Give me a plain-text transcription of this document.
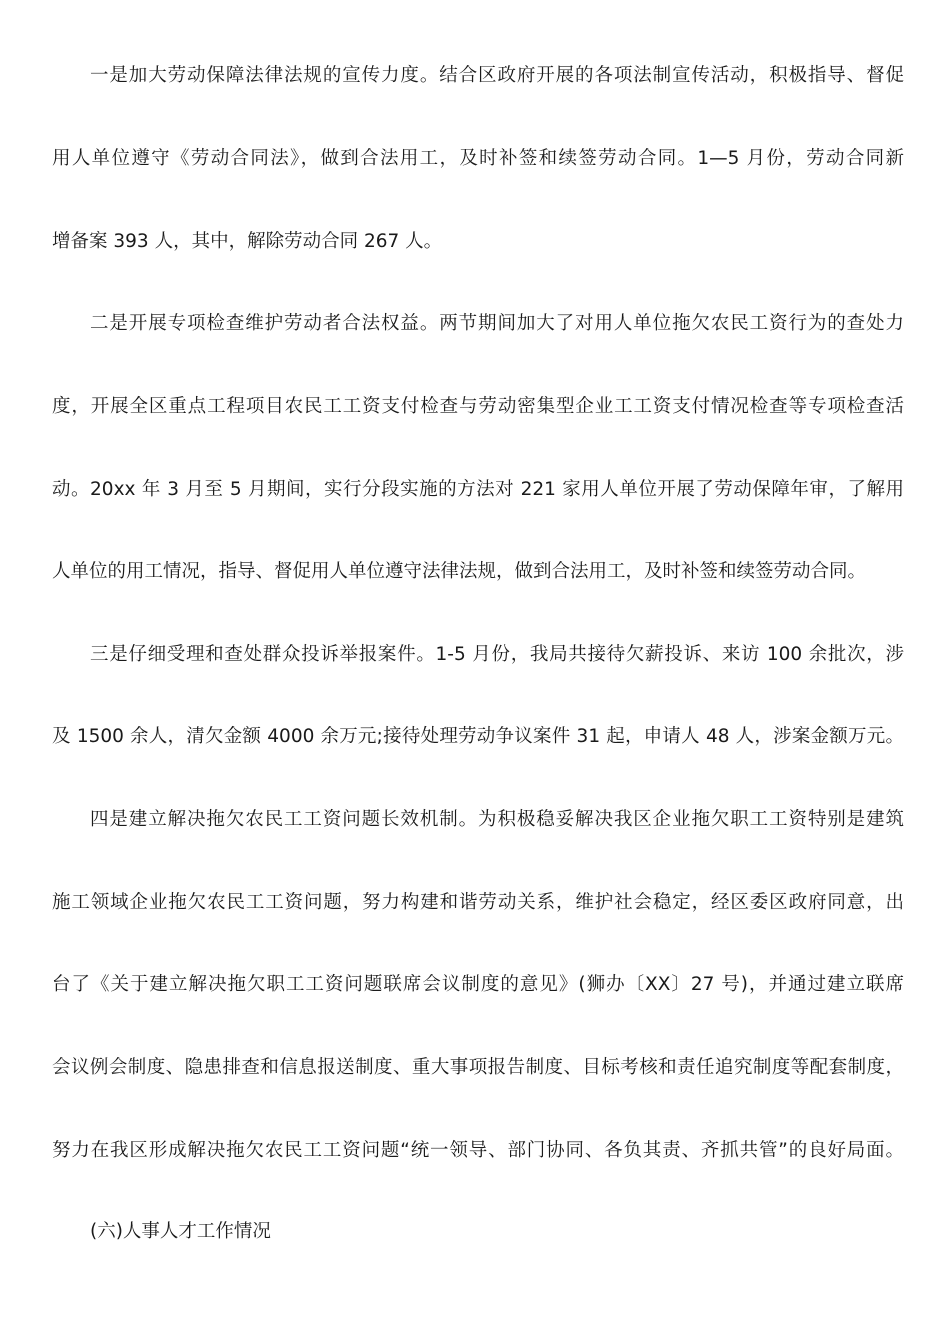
一是加大劳动保障法律法规的宣传力度。结合区政府开展的各项法制宣传活动，积极指导、督促
用人单位遵守《劳动合同法》，做到合法用工，及时补签和续签劳动合同。1—5 月份，劳动合同新
增备案 393 人，其中，解除劳动合同 267 人。
二是开展专项检查维护劳动者合法权益。两节期间加大了对用人单位拖欠农民工资行为的查处力
度，开展全区重点工程项目农民工工资支付检查与劳动密集型企业工工资支付情况检查等专项检查活
动。20xx 年 3 月至 5 月期间，实行分段实施的方法对 221 家用人单位开展了劳动保障年审，了解用
人单位的用工情况，指导、督促用人单位遵守法律法规，做到合法用工，及时补签和续签劳动合同。
三是仔细受理和查处群众投诉举报案件。1-5 月份，我局共接待欠薪投诉、来访 100 余批次，涉
及 1500 余人，清欠金额 4000 余万元;接待处理劳动争议案件 31 起，申请人 48 人，涉案金额万元。
四是建立解决拖欠农民工工资问题长效机制。为积极稳妥解决我区企业拖欠职工工资特别是建筑
施工领域企业拖欠农民工工资问题，努力构建和谐劳动关系，维护社会稳定，经区委区政府同意，出
台了《关于建立解决拖欠职工工资问题联席会议制度的意见》(狮办〔XX〕27 号)，并通过建立联席
会议例会制度、隐患排查和信息报送制度、重大事项报告制度、目标考核和责任追究制度等配套制度，
努力在我区形成解决拖欠农民工工资问题“统一领导、部门协同、各负其责、齐抓共管”的良好局面。
(六)人事人才工作情况
